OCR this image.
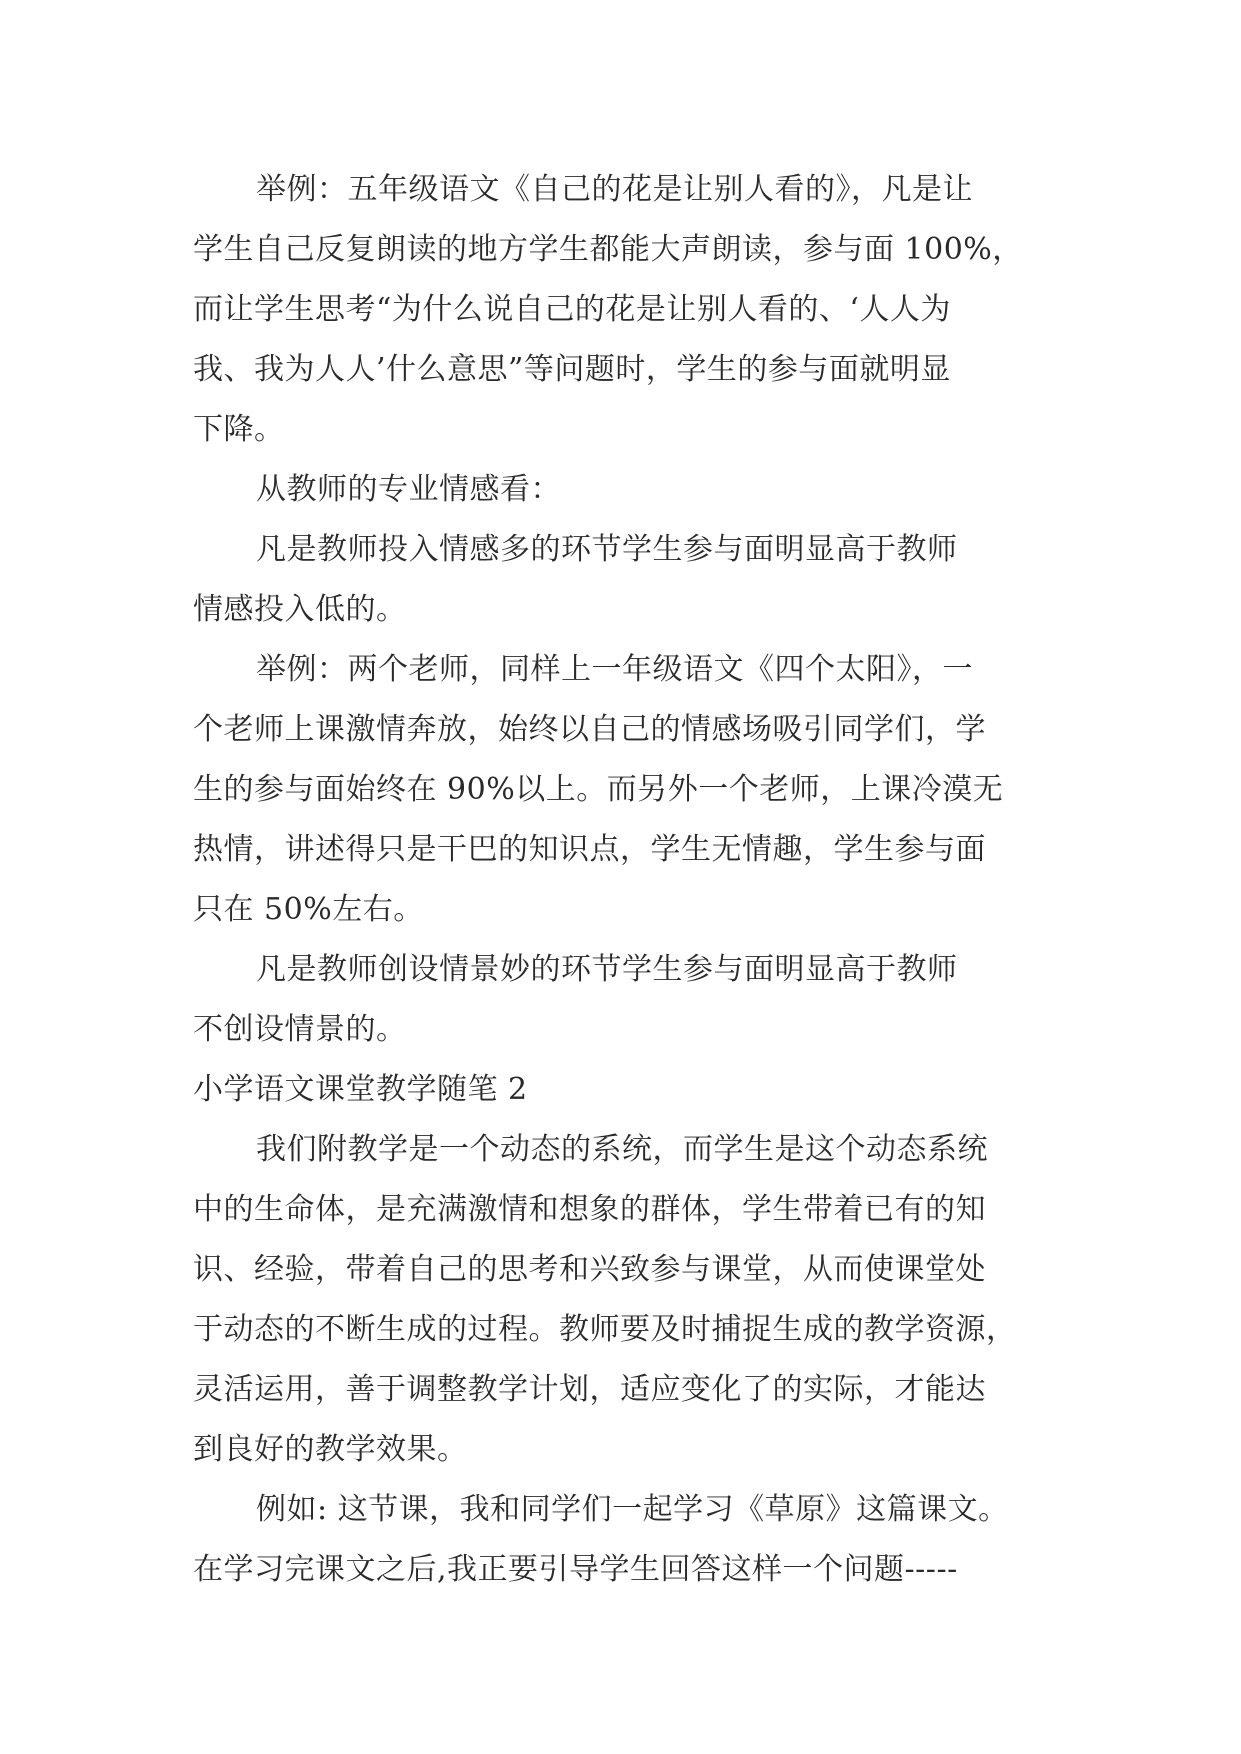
举例：五年级语文《自己的花是让别人看的》，凡是让
学生自己反复朗读的地方学生都能大声朗读，参与面 100%，
而让学生思考“为什么说自己的花是让别人看的、‘人人为
我、我为人人’什么意思”等问题时，学生的参与面就明显
下降。
从教师的专业情感看：
凡是教师投入情感多的环节学生参与面明显高于教师
情感投入低的。
举例：两个老师，同样上一年级语文《四个太阳》，一
个老师上课激情奔放，始终以自己的情感场吸引同学们，学
生的参与面始终在 90%以上。而另外一个老师，上课冷漠无
热情，讲述得只是干巴的知识点，学生无情趣，学生参与面
只在 50%左右。
凡是教师创设情景妙的环节学生参与面明显高于教师
不创设情景的。
小学语文课堂教学随笔 2
我们附教学是一个动态的系统，而学生是这个动态系统
中的生命体，是充满激情和想象的群体，学生带着已有的知
识、经验，带着自己的思考和兴致参与课堂，从而使课堂处
于动态的不断生成的过程。教师要及时捕捉生成的教学资源，
灵活运用，善于调整教学计划，适应变化了的实际，才能达
到良好的教学效果。
例如: 这节课，我和同学们一起学习《草原》这篇课文。
在学习完课文之后,我正要引导学生回答这样一个问题-----
